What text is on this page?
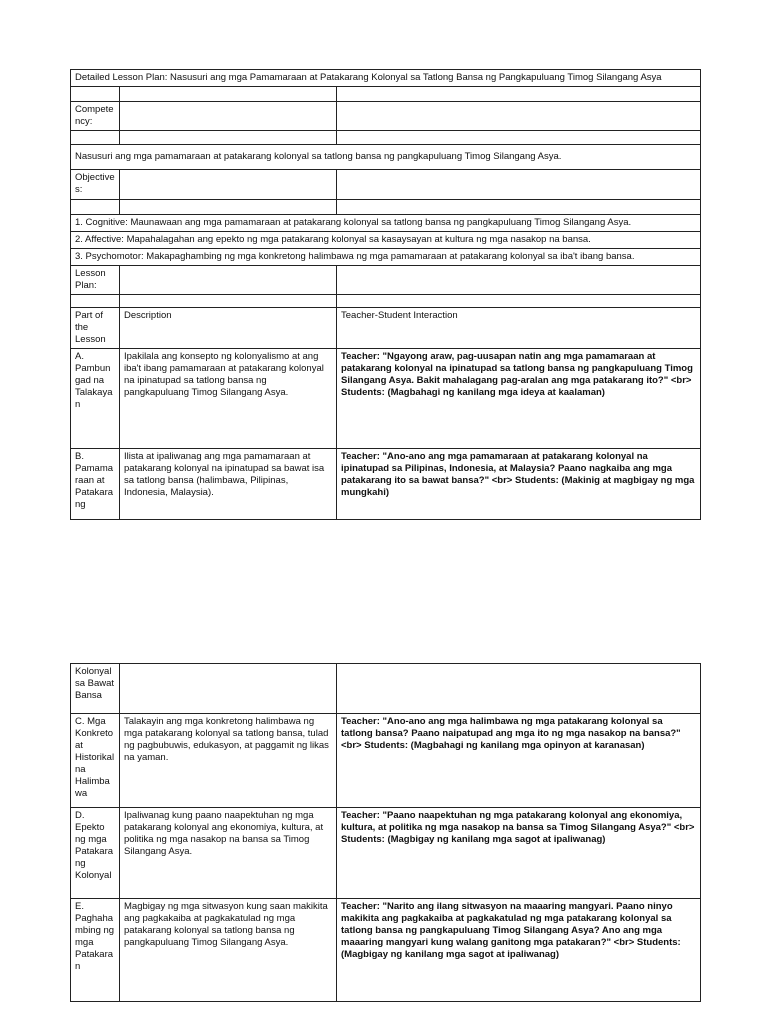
Detailed Lesson Plan: Nasusuri ang mga Pamamaraan at Patakarang Kolonyal sa Tatlong Bansa ng Pangkapuluang Timog Silangang Asya		

Competency:		

Nasusuri ang mga pamamaraan at patakarang kolonyal sa tatlong bansa ng pangkapuluang Timog Silangang Asya.		
Objectives:		

1. Cognitive: Maunawaan ang mga pamamaraan at patakarang kolonyal sa tatlong bansa ng pangkapuluang Timog Silangang Asya.		
2. Affective: Mapahalagahan ang epekto ng mga patakarang kolonyal sa kasaysayan at kultura ng mga nasakop na bansa.		
3. Psychomotor: Makapaghambing ng mga konkretong halimbawa ng mga pamamaraan at patakarang kolonyal sa iba't ibang bansa.		
Lesson Plan:		

Part of the Lesson	Description	Teacher-Student Interaction
A. Pambungad na Talakayan	Ipakilala ang konsepto ng kolonyalismo at ang iba't ibang pamamaraan at patakarang kolonyal na ipinatupad sa tatlong bansa ng pangkapuluang Timog Silangang Asya.	Teacher: "Ngayong araw, pag-uusapan natin ang mga pamamaraan at patakarang kolonyal na ipinatupad sa tatlong bansa ng pangkapuluang Timog Silangang Asya. Bakit mahalagang pag-aralan ang mga patakarang ito?" <br> Students: (Magbahagi ng kanilang mga ideya at kaalaman)
B. Pamamaraan at Patakarang	Ilista at ipaliwanag ang mga pamamaraan at patakarang kolonyal na ipinatupad sa bawat isa sa tatlong bansa (halimbawa, Pilipinas, Indonesia, Malaysia).	Teacher: "Ano-ano ang mga pamamaraan at patakarang kolonyal na ipinatupad sa Pilipinas, Indonesia, at Malaysia? Paano nagkaiba ang mga patakarang ito sa bawat bansa?" <br> Students: (Makinig at magbigay ng mga mungkahi)
Kolonyal sa Bawat Bansa		
C. Mga Konkreto at Historikal na Halimbawa	Talakayin ang mga konkretong halimbawa ng mga patakarang kolonyal sa tatlong bansa, tulad ng pagbubuwis, edukasyon, at paggamit ng likas na yaman.	Teacher: "Ano-ano ang mga halimbawa ng mga patakarang kolonyal sa tatlong bansa? Paano naipatupad ang mga ito ng mga nasakop na bansa?" <br> Students: (Magbahagi ng kanilang mga opinyon at karanasan)
D. Epekto ng mga Patakarang Kolonyal	Ipaliwanag kung paano naapektuhan ng mga patakarang kolonyal ang ekonomiya, kultura, at politika ng mga nasakop na bansa sa Timog Silangang Asya.	Teacher: "Paano naapektuhan ng mga patakarang kolonyal ang ekonomiya, kultura, at politika ng mga nasakop na bansa sa Timog Silangang Asya?" <br> Students: (Magbigay ng kanilang mga sagot at ipaliwanag)
E. Paghahambing ng mga Patakaran	Magbigay ng mga sitwasyon kung saan makikita ang pagkakaiba at pagkakatulad ng mga patakarang kolonyal sa tatlong bansa ng pangkapuluang Timog Silangang Asya.	Teacher: "Narito ang ilang sitwasyon na maaaring mangyari. Paano ninyo makikita ang pagkakaiba at pagkakatulad ng mga patakarang kolonyal sa tatlong bansa ng pangkapuluang Timog Silangang Asya? Ano ang mga maaaring mangyari kung walang ganitong mga patakaran?" <br> Students: (Magbigay ng kanilang mga sagot at ipaliwanag)
